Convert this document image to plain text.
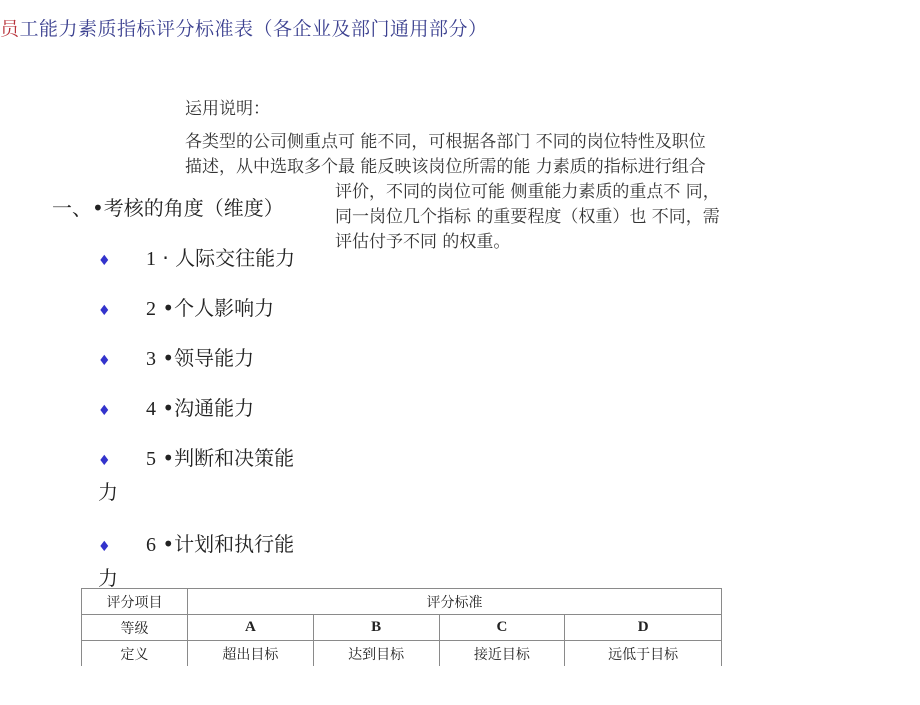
员工能力素质指标评分标准表（各企业及部门通用部分）
运用说明：
各类型的公司侧重点可 能不同，可根据各部门 不同的岗位特性及职位
描述，从中选取多个最 能反映该岗位所需的能 力素质的指标进行组合
评价，不同的岗位可能 侧重能力素质的重点不 同，
同一岗位几个指标 的重要程度（权重）也 不同，需
评估付予不同 的权重。
一、•考核的角度（维度）
♦ 1 · 人际交往能力
♦ 2 •个人影响力
♦ 3 •领导能力
♦ 4 •沟通能力
♦ 5 •判断和决策能
力
♦ 6 •计划和执行能
力
评分项目	评分标准			
等级	A	B	C	D
定义	超出目标	达到目标	接近目标	远低于目标
